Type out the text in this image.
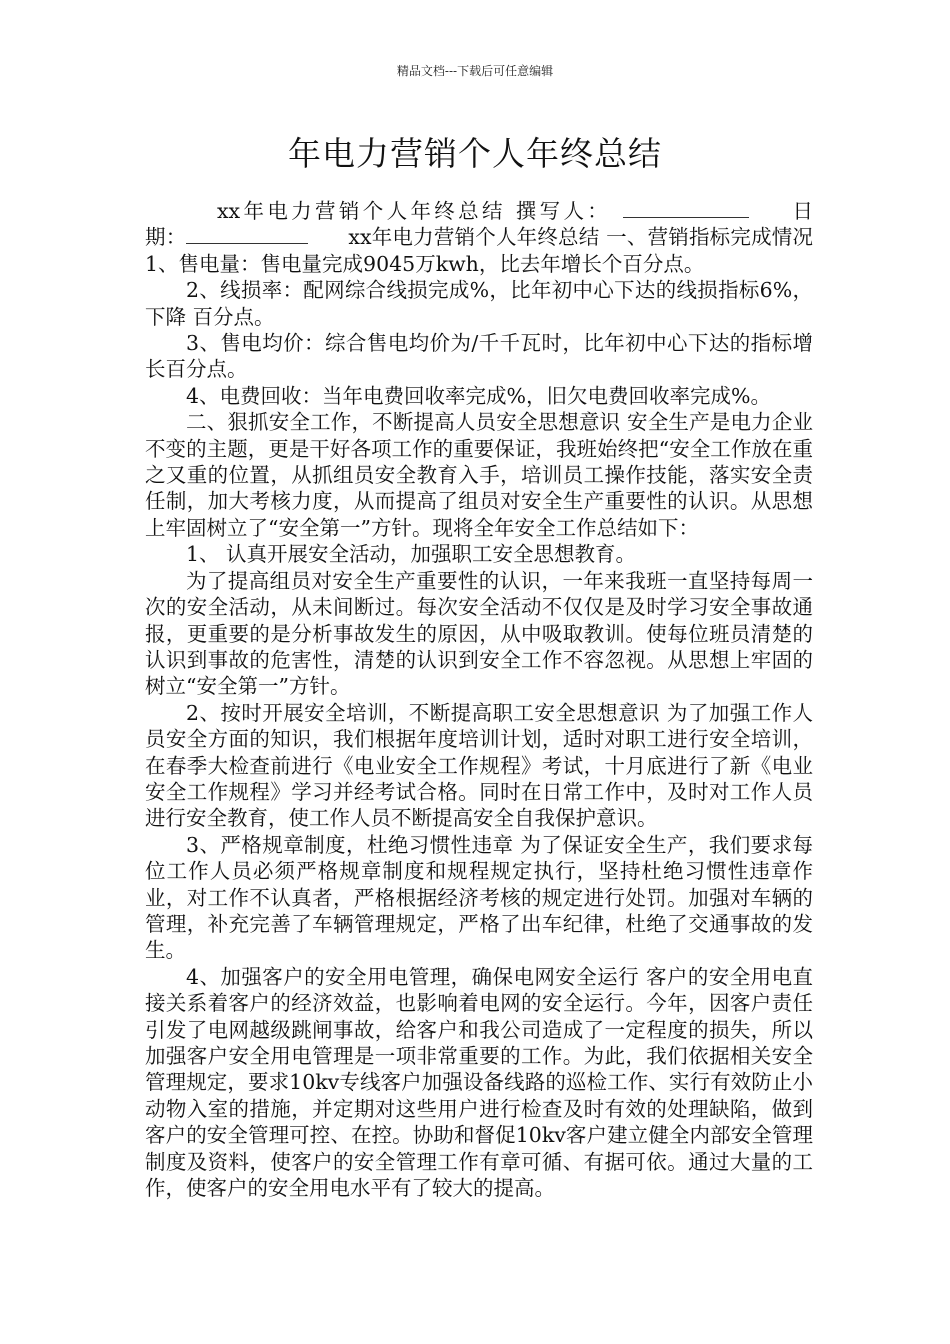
精品文档---下载后可任意编辑
年电力营销个人年终总结

xx年电力营销个人年终总结 撰写人：	日　期：	xx年电力营销个人年终总结 一、营销指标完成情况 1、售电量：售电量完成9045万kwh，比去年增长个百分点。

2、线损率：配网综合线损完成%，比年初中心下达的线损指标6%，下降 百分点。

3、售电均价：综合售电均价为/千千瓦时，比年初中心下达的指标增长百分点。

4、电费回收：当年电费回收率完成%，旧欠电费回收率完成%。

二、狠抓安全工作，不断提高人员安全思想意识 安全生产是电力企业不变的主题，更是干好各项工作的重要保证，我班始终把“安全工作放在重之又重的位置，从抓组员安全教育入手，培训员工操作技能，落实安全责任制，加大考核力度，从而提高了组员对安全生产重要性的认识。从思想上牢固树立了“安全第一”方针。现将全年安全工作总结如下：

1、 认真开展安全活动，加强职工安全思想教育。

为了提高组员对安全生产重要性的认识，一年来我班一直坚持每周一次的安全活动，从未间断过。每次安全活动不仅仅是及时学习安全事故通报，更重要的是分析事故发生的原因，从中吸取教训。使每位班员清楚的认识到事故的危害性，清楚的认识到安全工作不容忽视。从思想上牢固的树立“安全第一”方针。

2、按时开展安全培训，不断提高职工安全思想意识 为了加强工作人员安全方面的知识，我们根据年度培训计划，适时对职工进行安全培训，在春季大检查前进行《电业安全工作规程》考试，十月底进行了新《电业安全工作规程》学习并经考试合格。同时在日常工作中，及时对工作人员进行安全教育，使工作人员不断提高安全自我保护意识。

3、严格规章制度，杜绝习惯性违章 为了保证安全生产，我们要求每位工作人员必须严格规章制度和规程规定执行，坚持杜绝习惯性违章作业，对工作不认真者，严格根据经济考核的规定进行处罚。加强对车辆的管理，补充完善了车辆管理规定，严格了出车纪律，杜绝了交通事故的发生。

4、加强客户的安全用电管理，确保电网安全运行 客户的安全用电直接关系着客户的经济效益，也影响着电网的安全运行。今年，因客户责任引发了电网越级跳闸事故，给客户和我公司造成了一定程度的损失，所以加强客户安全用电管理是一项非常重要的工作。为此，我们依据相关安全管理规定，要求10kv专线客户加强设备线路的巡检工作、实行有效防止小动物入室的措施，并定期对这些用户进行检查及时有效的处理缺陷，做到客户的安全管理可控、在控。协助和督促10kv客户建立健全内部安全管理制度及资料，使客户的安全管理工作有章可循、有据可依。通过大量的工作，使客户的安全用电水平有了较大的提高。
